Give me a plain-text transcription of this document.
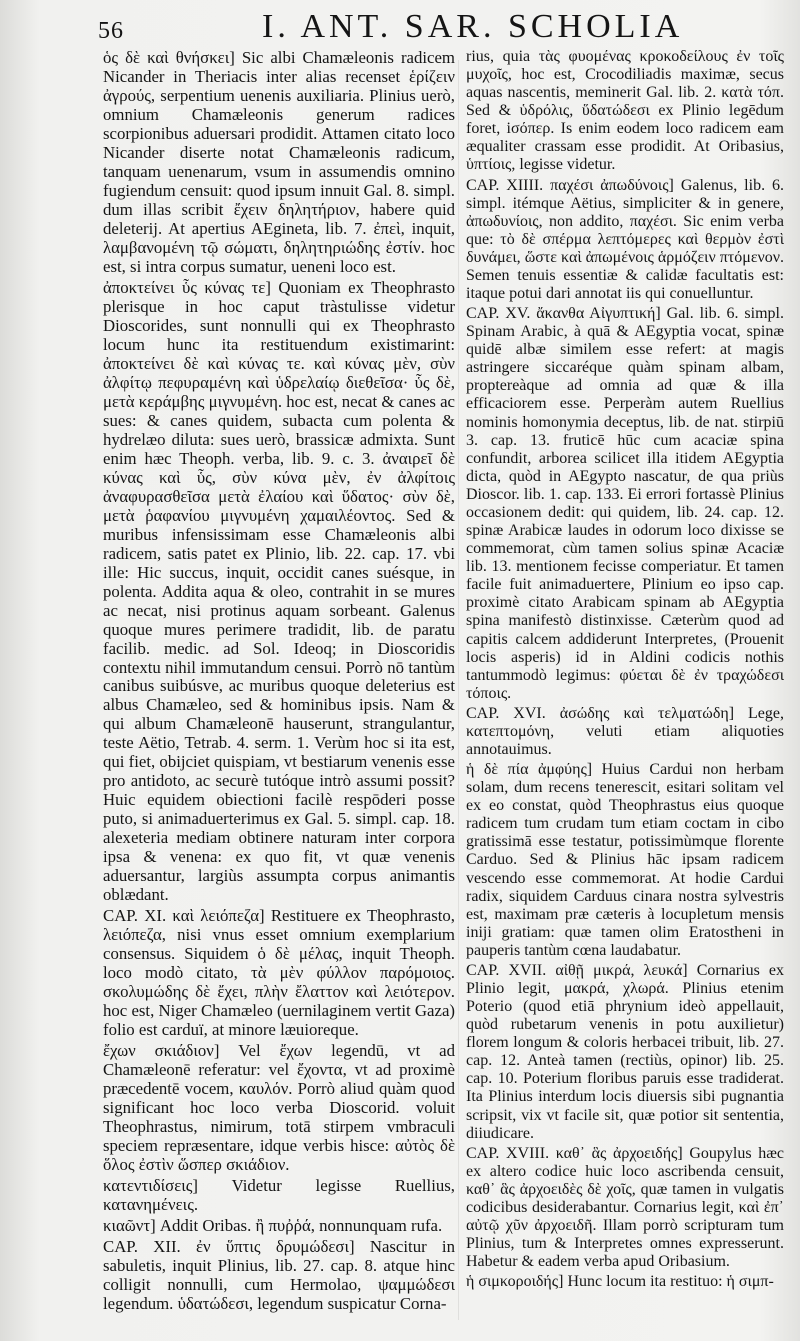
56	I. ANT. SAR. SCHOLIA

ὁς δὲ καὶ θνήσκει] Sic albi Chamæleonis radicem Nicander in Theriacis inter alias recenset ἑρίζειν ἀγρούς, serpentium uenenis auxiliaria. Plinius uerò, omnium Chamæleonis generum radices scorpionibus aduersari prodidit. Attamen citato loco Nicander diserte notat Chamæleonis radicum, tanquam uenenarum, vsum in assumendis omnino fugiendum censuit: quod ipsum innuit Gal. 8. simpl. dum illas scribit ἔχειν δηλητήριον, habere quid deleterij. At apertius AEgineta, lib. 7. ἐπεὶ, inquit, λαμβανομένη τῷ σώματι, δηλητηριώδης ἐστίν. hoc est, si intra corpus sumatur, ueneni loco est.

ἀποκτείνει ὗς κύνας τε] Quoniam ex Theophrasto plerisque in hoc caput tràstulisse videtur Dioscorides, sunt nonnulli qui ex Theophrasto locum hunc ita restituendum existimarint: ἀποκτείνει δὲ καὶ κύνας τε. καὶ κύνας μὲν, σὺν ἀλφίτῳ πεφυραμένη καὶ ὑδρελαίῳ διεθεῖσα· ὗς δὲ, μετὰ κεράμβης μιγνυμένη. hoc est, necat & canes ac sues: & canes quidem, subacta cum polenta & hydrelæo diluta: sues uerò, brassicæ admixta. Sunt enim hæc Theoph. verba, lib. 9. c. 3. ἀναιρεῖ δὲ κύνας καὶ ὗς, σὺν κύνα μὲν, ἐν ἀλφίτοις ἀναφυρασθεῖσα μετὰ ἐλαίου καὶ ὕδατος· σὺν δὲ, μετὰ ῥαφανίου μιγνυμένη χαμαιλέοντος. Sed & muribus infensissimam esse Chamæleonis albi radicem, satis patet ex Plinio, lib. 22. cap. 17. vbi ille: Hic succus, inquit, occidit canes suésque, in polenta. Addita aqua & oleo, contrahit in se mures ac necat, nisi protinus aquam sorbeant. Galenus quoque mures perimere tradidit, lib. de paratu facilib. medic. ad Sol. Ideoq; in Dioscoridis contextu nihil immutandum censui. Porrò nō tantùm canibus suibúsve, ac muribus quoque deleterius est albus Chamæleo, sed & hominibus ipsis. Nam & qui album Chamæleonē hauserunt, strangulantur, teste Aëtio, Tetrab. 4. serm. 1. Verùm hoc si ita est, qui fiet, obijciet quispiam, vt bestiarum venenis esse pro antidoto, ac securè tutóque intrò assumi possit? Huic equidem obiectioni facilè respōderi posse puto, si animaduerterimus ex Gal. 5. simpl. cap. 18. alexeteria mediam obtinere naturam inter corpora ipsa & venena: ex quo fit, vt quæ venenis aduersantur, largiùs assumpta corpus animantis oblædant.

CAP. XI. καὶ λειόπεζα] Restituere ex Theophrasto, λειόπεζα, nisi vnus esset omnium exemplarium consensus. Siquidem ὁ δὲ μέλας, inquit Theoph. loco modò citato, τὰ μὲν φύλλον παρόμοιος. σκολυμώδης δὲ ἔχει, πλὴν ἔλαττον καὶ λειότερον. hoc est, Niger Chamæleo (uernilaginem vertit Gaza) folio est carduï, at minore læuioreque.

ἔχων σκιάδιον] Vel ἔχων legendū, vt ad Chamæleonē referatur: vel ἔχοντα, vt ad proximè præcedentē vocem, καυλόν. Porrò aliud quàm quod significant hoc loco verba Dioscorid. voluit Theophrastus, nimirum, totā stirpem vmbraculi speciem repræsentare, idque verbis hisce: αὐτὸς δὲ ὅλος ἐστὶν ὥσπερ σκιάδιον.

κατεντιδίσεις] Videtur legisse Ruellius, κατανημένεις.

κιαῶντ] Addit Oribas. ἢ πυῤῥά, nonnunquam rufa.

CAP. XII. ἐν ὕπτις δρυμώδεσι] Nascitur in sabuletis, inquit Plinius, lib. 27. cap. 8. atque hinc colligit nonnulli, cum Hermolao, ψαμμώδεσι legendum. ὑδατώδεσι, legendum suspicatur Corna-

rius, quia τὰς φυομένας κροκοδείλους ἐν τοῖς μυχοῖς, hoc est, Crocodiliadis maximæ, secus aquas nascentis, meminerit Gal. lib. 2. κατὰ τόπ. Sed & ὑδρόλις, ὕδατώδεσι ex Plinio legēdum foret, iσόπερ. Is enim eodem loco radicem eam æqualiter crassam esse prodidit. At Oribasius, ὑπτίοις, legisse videtur.

CAP. XIIII. παχέσι ἀπωδύνοις] Galenus, lib. 6. simpl. itémque Aëtius, simpliciter & in genere, ἀπωδυνίοις, non addito, παχέσι. Sic enim verba que: τὸ δὲ σπέρμα λεπτόμερες καὶ θερμὸν ἐστὶ δυνάμει, ὥστε καὶ ἀπωμένοις ἁρμόζειν πτόμενον. Semen tenuis essentiæ & calidæ facultatis est: itaque potui dari annotat iis qui conuelluntur.

CAP. XV. ἄκανθα Αἰγυπτική] Gal. lib. 6. simpl. Spinam Arabic, à quā & AEgyptia vocat, spinæ quidē albæ similem esse refert: at magis astringere siccaréque quàm spinam albam, proptereàque ad omnia ad quæ & illa efficaciorem esse. Perperàm autem Ruellius nominis homonymia deceptus, lib. de nat. stirpiū 3. cap. 13. fruticē hūc cum acaciæ spina confundit, arborea scilicet illa itidem AEgyptia dicta, quòd in AEgypto nascatur, de qua priùs Dioscor. lib. 1. cap. 133. Ei errori fortassè Plinius occasionem dedit: qui quidem, lib. 24. cap. 12. spinæ Arabicæ laudes in odorum loco dixisse se commemorat, cùm tamen solius spinæ Acaciæ lib. 13. mentionem fecisse comperiatur. Et tamen facile fuit animaduertere, Plinium eo ipso cap. proximè citato Arabicam spinam ab AEgyptia spina manifestò distinxisse. Cæterùm quod ad capitis calcem addiderunt Interpretes, (Prouenit locis asperis) id in Aldini codicis nothis tantummodò legimus: φύεται δὲ ἐν τραχώδεσι τόποις.

CAP. XVI. ἀσώδης καὶ τελματώδη] Lege, κατεπτομόνη, veluti etiam aliquoties annotauimus.

ἡ δὲ πία ἀμφύης] Huius Cardui non herbam solam, dum recens tenerescit, esitari solitam vel ex eo constat, quòd Theophrastus eius quoque radicem tum crudam tum etiam coctam in cibo gratissimā esse testatur, potissimùmque florente Carduo. Sed & Plinius hāc ipsam radicem vescendo esse commemorat. At hodie Cardui radix, siquidem Carduus cinara nostra sylvestris est, maximam præ cæteris à locupletum mensis iniji gratiam: quæ tamen olim Eratostheni in pauperis tantùm cœna laudabatur.

CAP. XVII. αἰθῇ μικρά, λευκά] Cornarius ex Plinio legit, μακρά, χλωρά. Plinius etenim Poterio (quod etiā phrynium ideò appellauit, quòd rubetarum venenis in potu auxilietur) florem longum & coloris herbacei tribuit, lib. 27. cap. 12. Anteà tamen (rectiùs, opinor) lib. 25. cap. 10. Poterium floribus paruis esse tradiderat. Ita Plinius interdum locis diuersis sibi pugnantia scripsit, vix vt facile sit, quæ potior sit sententia, diiudicare.

CAP. XVIII. καθ᾽ ἃς ἀρχοειδής] Goupylus hæc ex altero codice huic loco ascribenda censuit, καθ᾽ ἃς ἀρχοειδὲς δὲ χοῖς, quæ tamen in vulgatis codicibus desiderabantur. Cornarius legit, καὶ ἐπ᾽ αὐτῷ χῦν ἀρχοειδῆ. Illam porrò scripturam tum Plinius, tum & Interpretes omnes expresserunt. Habetur & eadem verba apud Oribasium.

ἡ σιμκοροιδής] Hunc locum ita restituo: ἡ σιμπ-
